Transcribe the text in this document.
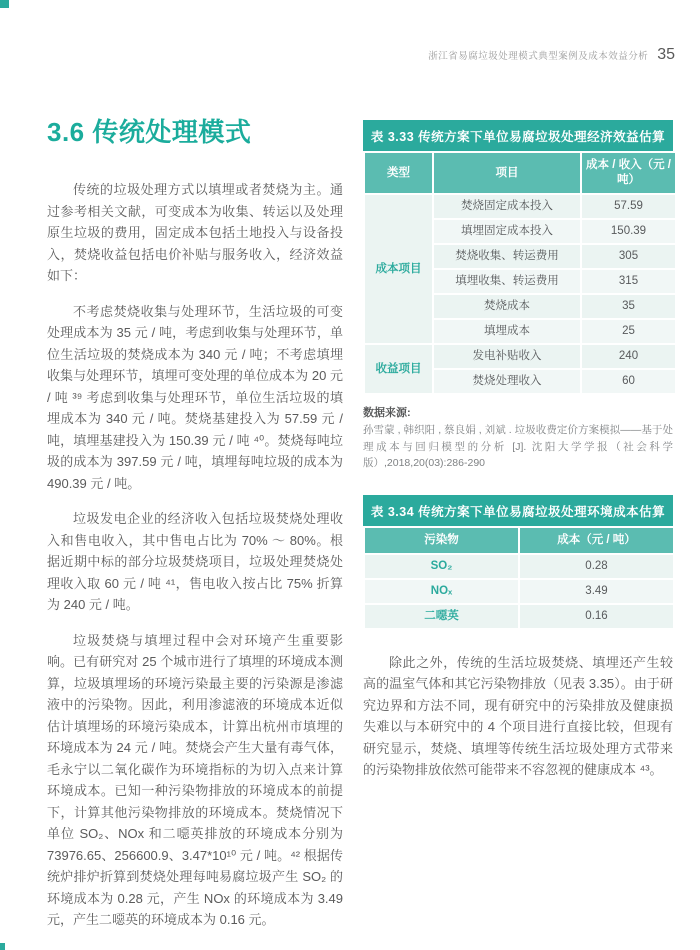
浙江省易腐垃圾处理模式典型案例及成本效益分析 35
3.6 传统处理模式

传统的垃圾处理方式以填埋或者焚烧为主。通过参考相关文献，可变成本为收集、转运以及处理原生垃圾的费用，固定成本包括土地投入与设备投入，焚烧收益包括电价补贴与服务收入，经济效益如下：

不考虑焚烧收集与处理环节，生活垃圾的可变处理成本为 35 元 / 吨，考虑到收集与处理环节，单位生活垃圾的焚烧成本为 340 元 / 吨；不考虑填埋收集与处理环节，填埋可变处理的单位成本为 20 元 / 吨 ³⁹ 考虑到收集与处理环节，单位生活垃圾的填埋成本为 340 元 / 吨。焚烧基建投入为 57.59 元 / 吨，填埋基建投入为 150.39 元 / 吨 ⁴⁰。焚烧每吨垃圾的成本为 397.59 元 / 吨，填埋每吨垃圾的成本为 490.39 元 / 吨。

垃圾发电企业的经济收入包括垃圾焚烧处理收入和售电收入，其中售电占比为 70% ～ 80%。根据近期中标的部分垃圾焚烧项目，垃圾处理焚烧处理收入取 60 元 / 吨 ⁴¹，售电收入按占比 75% 折算为 240 元 / 吨。

垃圾焚烧与填埋过程中会对环境产生重要影响。已有研究对 25 个城市进行了填埋的环境成本测算，垃圾填埋场的环境污染最主要的污染源是渗滤液中的污染物。因此，利用渗滤液的环境成本近似估计填埋场的环境污染成本，计算出杭州市填埋的环境成本为 24 元 / 吨。焚烧会产生大量有毒气体，毛永宁以二氧化碳作为环境指标的为切入点来计算环境成本。已知一种污染物排放的环境成本的前提下，计算其他污染物排放的环境成本。焚烧情况下单位 SO₂、NOx 和二噁英排放的环境成本分别为 73976.65、256600.9、3.47*10¹⁰ 元 / 吨。⁴² 根据传统炉排炉折算到焚烧处理每吨易腐垃圾产生 SO₂ 的环境成本为 0.28 元，产生 NOx 的环境成本为 3.49 元，产生二噁英的环境成本为 0.16 元。

表 3.33 传统方案下单位易腐垃圾处理经济效益估算
类型	项目	成本 / 收入（元 / 吨）
成本项目	焚烧固定成本投入	57.59
	填埋固定成本投入	150.39
	焚烧收集、转运费用	305
	填埋收集、转运费用	315
	焚烧成本	35
	填埋成本	25
收益项目	发电补贴收入	240
	焚烧处理收入	60
数据来源:
孙雪蒙 , 韩织阳 , 蔡良娟 , 刘斌 . 垃圾收费定价方案模拟——基于处理成本与回归模型的分析 [J]. 沈阳大学学报（社会科学版）,2018,20(03):286-290
表 3.34 传统方案下单位易腐垃圾处理环境成本估算
污染物	成本（元 / 吨）
SO₂	0.28
NOₓ	3.49
二噁英	0.16

除此之外，传统的生活垃圾焚烧、填埋还产生较高的温室气体和其它污染物排放（见表 3.35）。由于研究边界和方法不同，现有研究中的污染排放及健康损失难以与本研究中的 4 个项目进行直接比较，但现有研究显示，焚烧、填埋等传统生活垃圾处理方式带来的污染物排放依然可能带来不容忽视的健康成本 ⁴³。
